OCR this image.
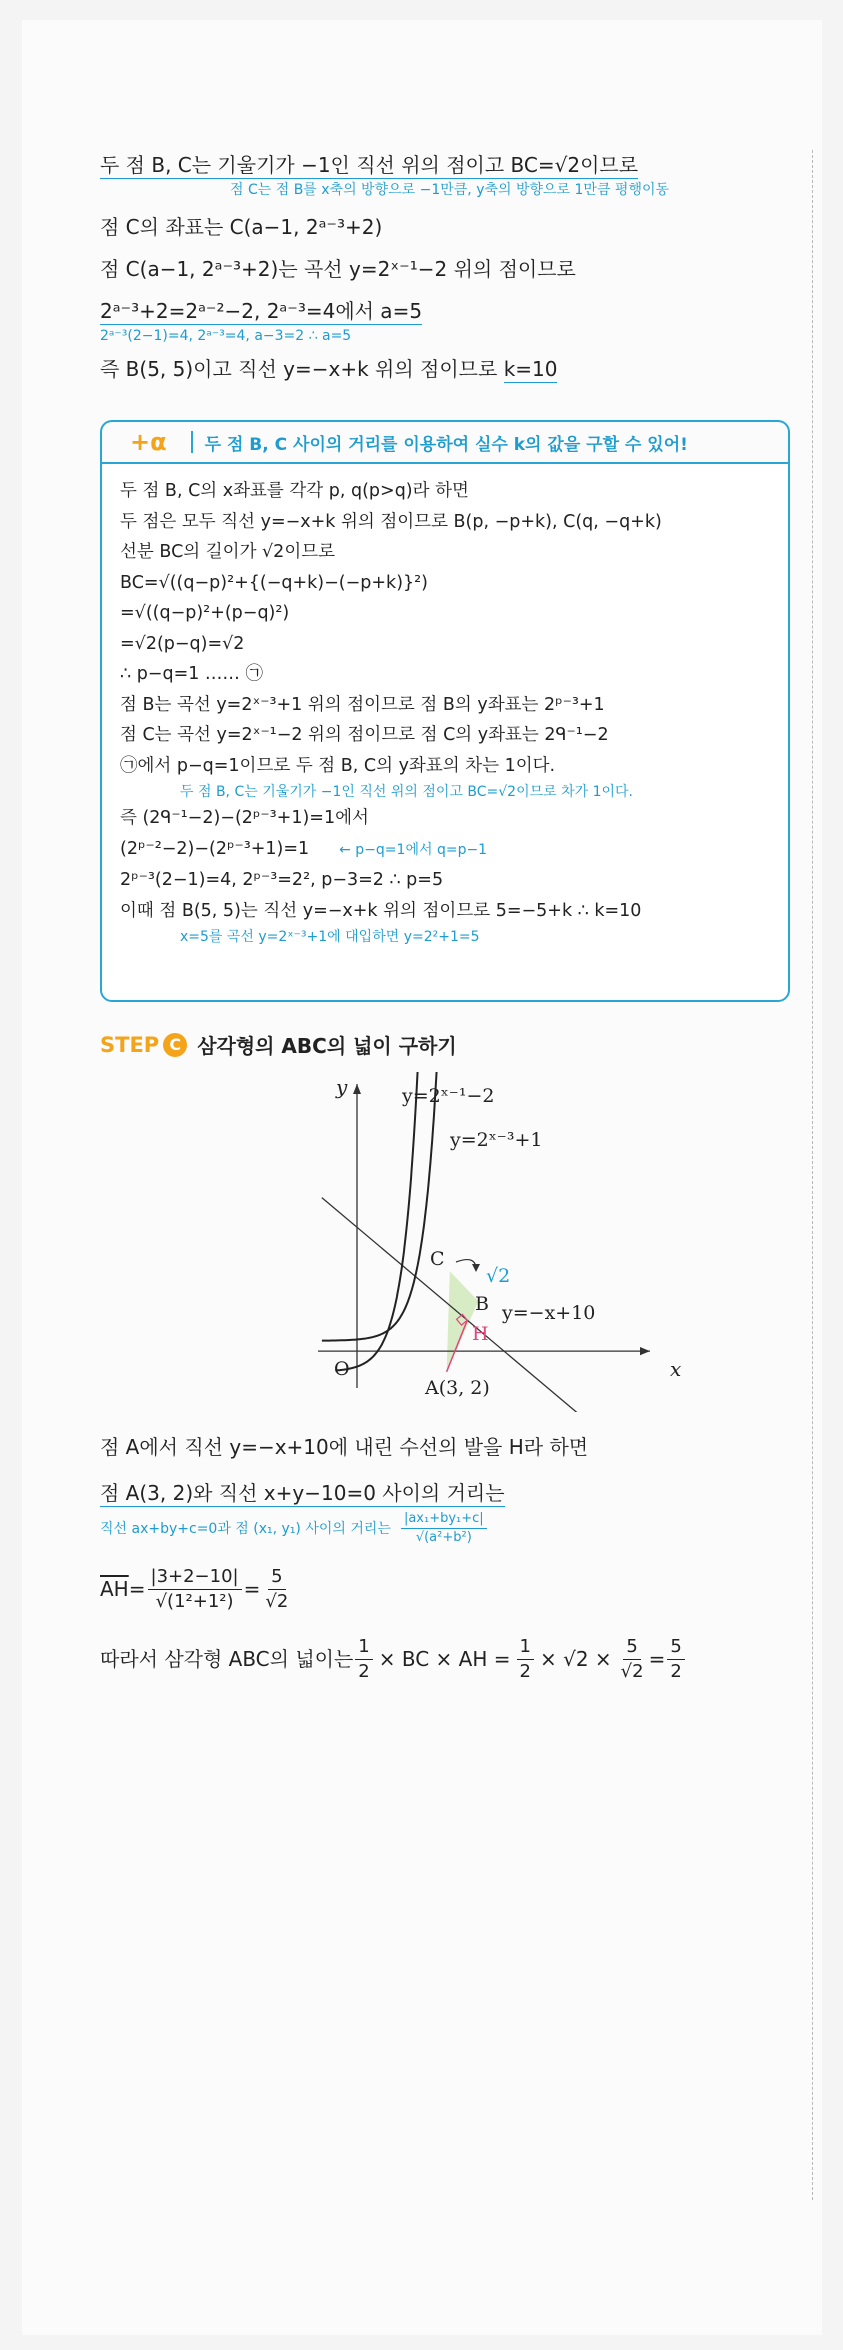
두 점 B, C는 기울기가 −1인 직선 위의 점이고 BC=√2이므로
점 C는 점 B를 x축의 방향으로 −1만큼, y축의 방향으로 1만큼 평행이동
점 C의 좌표는 C(a−1, 2ᵃ⁻³+2)
점 C(a−1, 2ᵃ⁻³+2)는 곡선 y=2ˣ⁻¹−2 위의 점이므로
2ᵃ⁻³+2=2ᵃ⁻²−2, 2ᵃ⁻³=4에서 a=5
2ᵃ⁻³(2−1)=4, 2ᵃ⁻³=4, a−3=2 ∴ a=5
즉 B(5, 5)이고 직선 y=−x+k 위의 점이므로 k=10
+α 두 점 B, C 사이의 거리를 이용하여 실수 k의 값을 구할 수 있어!
두 점 B, C의 x좌표를 각각 p, q(p>q)라 하면
두 점은 모두 직선 y=−x+k 위의 점이므로 B(p, −p+k), C(q, −q+k)
선분 BC의 길이가 √2이므로
BC=√((q−p)²+{(−q+k)−(−p+k)}²)
=√((q−p)²+(p−q)²)
=√2(p−q)=√2
∴ p−q=1 …… ㉠
점 B는 곡선 y=2ˣ⁻³+1 위의 점이므로 점 B의 y좌표는 2ᵖ⁻³+1
점 C는 곡선 y=2ˣ⁻¹−2 위의 점이므로 점 C의 y좌표는 2ᑫ⁻¹−2
㉠에서 p−q=1이므로 두 점 B, C의 y좌표의 차는 1이다.
두 점 B, C는 기울기가 −1인 직선 위의 점이고 BC=√2이므로 차가 1이다.
즉 (2ᑫ⁻¹−2)−(2ᵖ⁻³+1)=1에서
(2ᵖ⁻²−2)−(2ᵖ⁻³+1)=1 ← p−q=1에서 q=p−1
2ᵖ⁻³(2−1)=4, 2ᵖ⁻³=2², p−3=2 ∴ p=5
이때 점 B(5, 5)는 직선 y=−x+k 위의 점이므로 5=−5+k ∴ k=10
x=5를 곡선 y=2ˣ⁻³+1에 대입하면 y=2²+1=5
STEP C 삼각형의 ABC의 넓이 구하기
B
C
H
A(3, 2)
O	x
y	y=2ˣ⁻¹−2
y=2ˣ⁻³+1
y=−x+10
√2
점 A에서 직선 y=−x+10에 내린 수선의 발을 H라 하면
점 A(3, 2)와 직선 x+y−10=0 사이의 거리는
직선 ax+by+c=0과 점 (x₁, y₁) 사이의 거리는 $\frac{\text{|ax₁+by₁+c|}}{\text{√(a²+b²)}}$
$\overline{AH} = \frac{|3+2-10|}{\text{√(1²+1²)}} = \frac{5}{√2}$
따라서 삼각형 ABC의 넓이는 $\frac{1}{2}$ × BC × AH = $\frac{1}{2} \times √2 \times \frac{5}{√2} = \frac{5}{2}$
